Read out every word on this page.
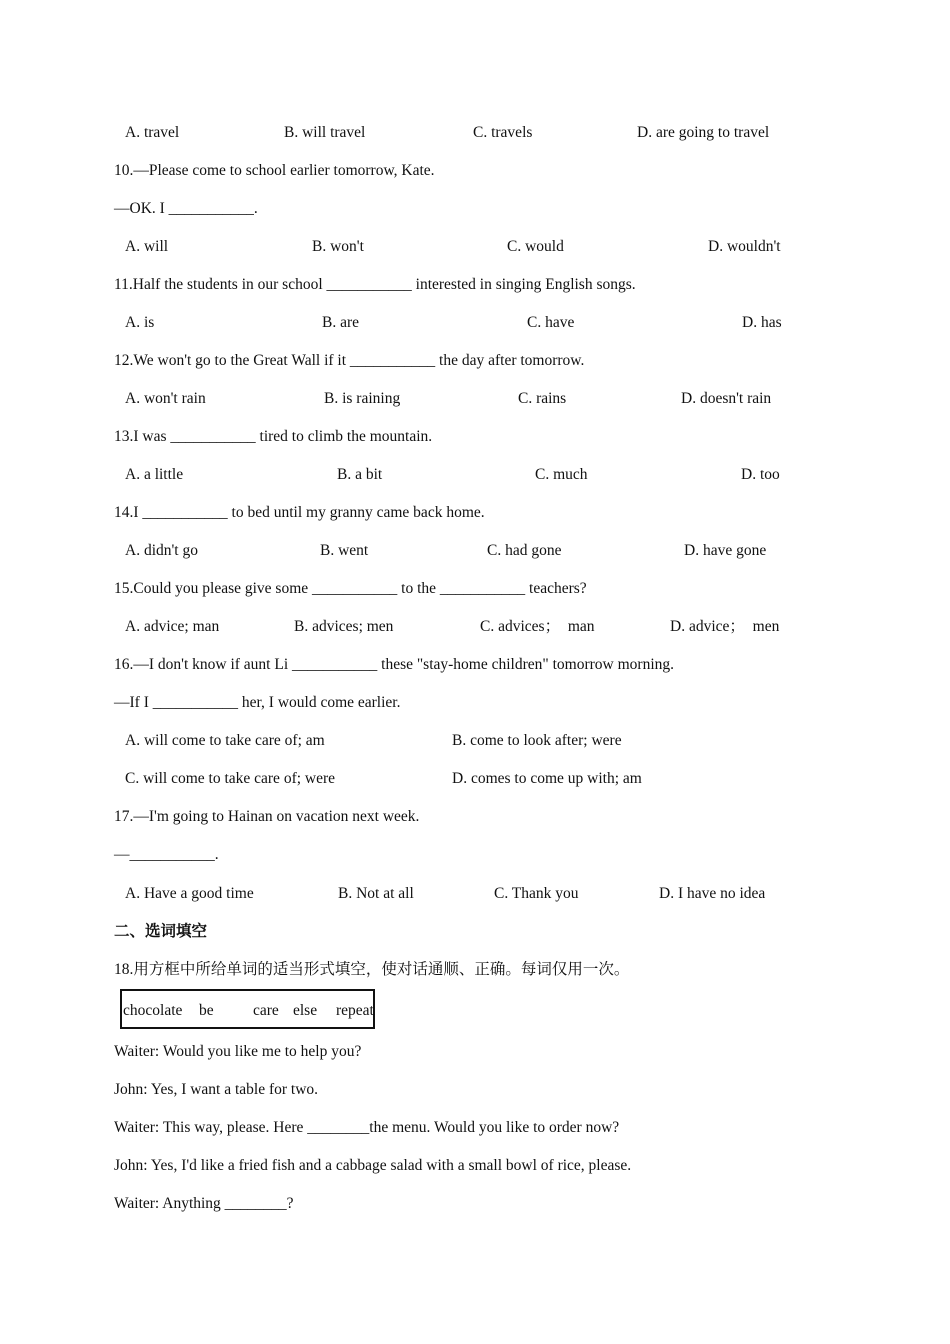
A. travel	B. will travel	C. travels	D. are going to travel
10.—Please come to school earlier tomorrow, Kate.
—OK. I ___________.
A. will	B. won't	C. would	D. wouldn't
11.Half the students in our school ___________ interested in singing English songs.
A. is	B. are	C. have	D. has
12.We won't go to the Great Wall if it ___________ the day after tomorrow.
A. won't rain	B. is raining	C. rains	D. doesn't rain
13.I was ___________ tired to climb the mountain.
A. a little	B. a bit	C. much	D. too
14.I ___________ to bed until my granny came back home.
A. didn't go	B. went	C. had gone	D. have gone
15.Could you please give some ___________ to the ___________ teachers?
A. advice; man	B. advices; men	C. advices；  man	D. advice；  men
16.—I don't know if aunt Li ___________ these "stay-home children" tomorrow morning.
—If I ___________ her, I would come earlier.
A. will come to take care of; am	B. come to look after; were
C. will come to take care of; were	D. comes to come up with; am
17.—I'm going to Hainan on vacation next week.
—___________.
A. Have a good time	B. Not at all	C. Thank you	D. I have no idea
二、选词填空
18.用方框中所给单词的适当形式填空，使对话通顺、正确。每词仅用一次。
chocolate be	care else repeat
Waiter: Would you like me to help you?
John: Yes, I want a table for two.
Waiter: This way, please. Here ________the menu. Would you like to order now?
John: Yes, I'd like a fried fish and a cabbage salad with a small bowl of rice, please.
Waiter: Anything ________?
